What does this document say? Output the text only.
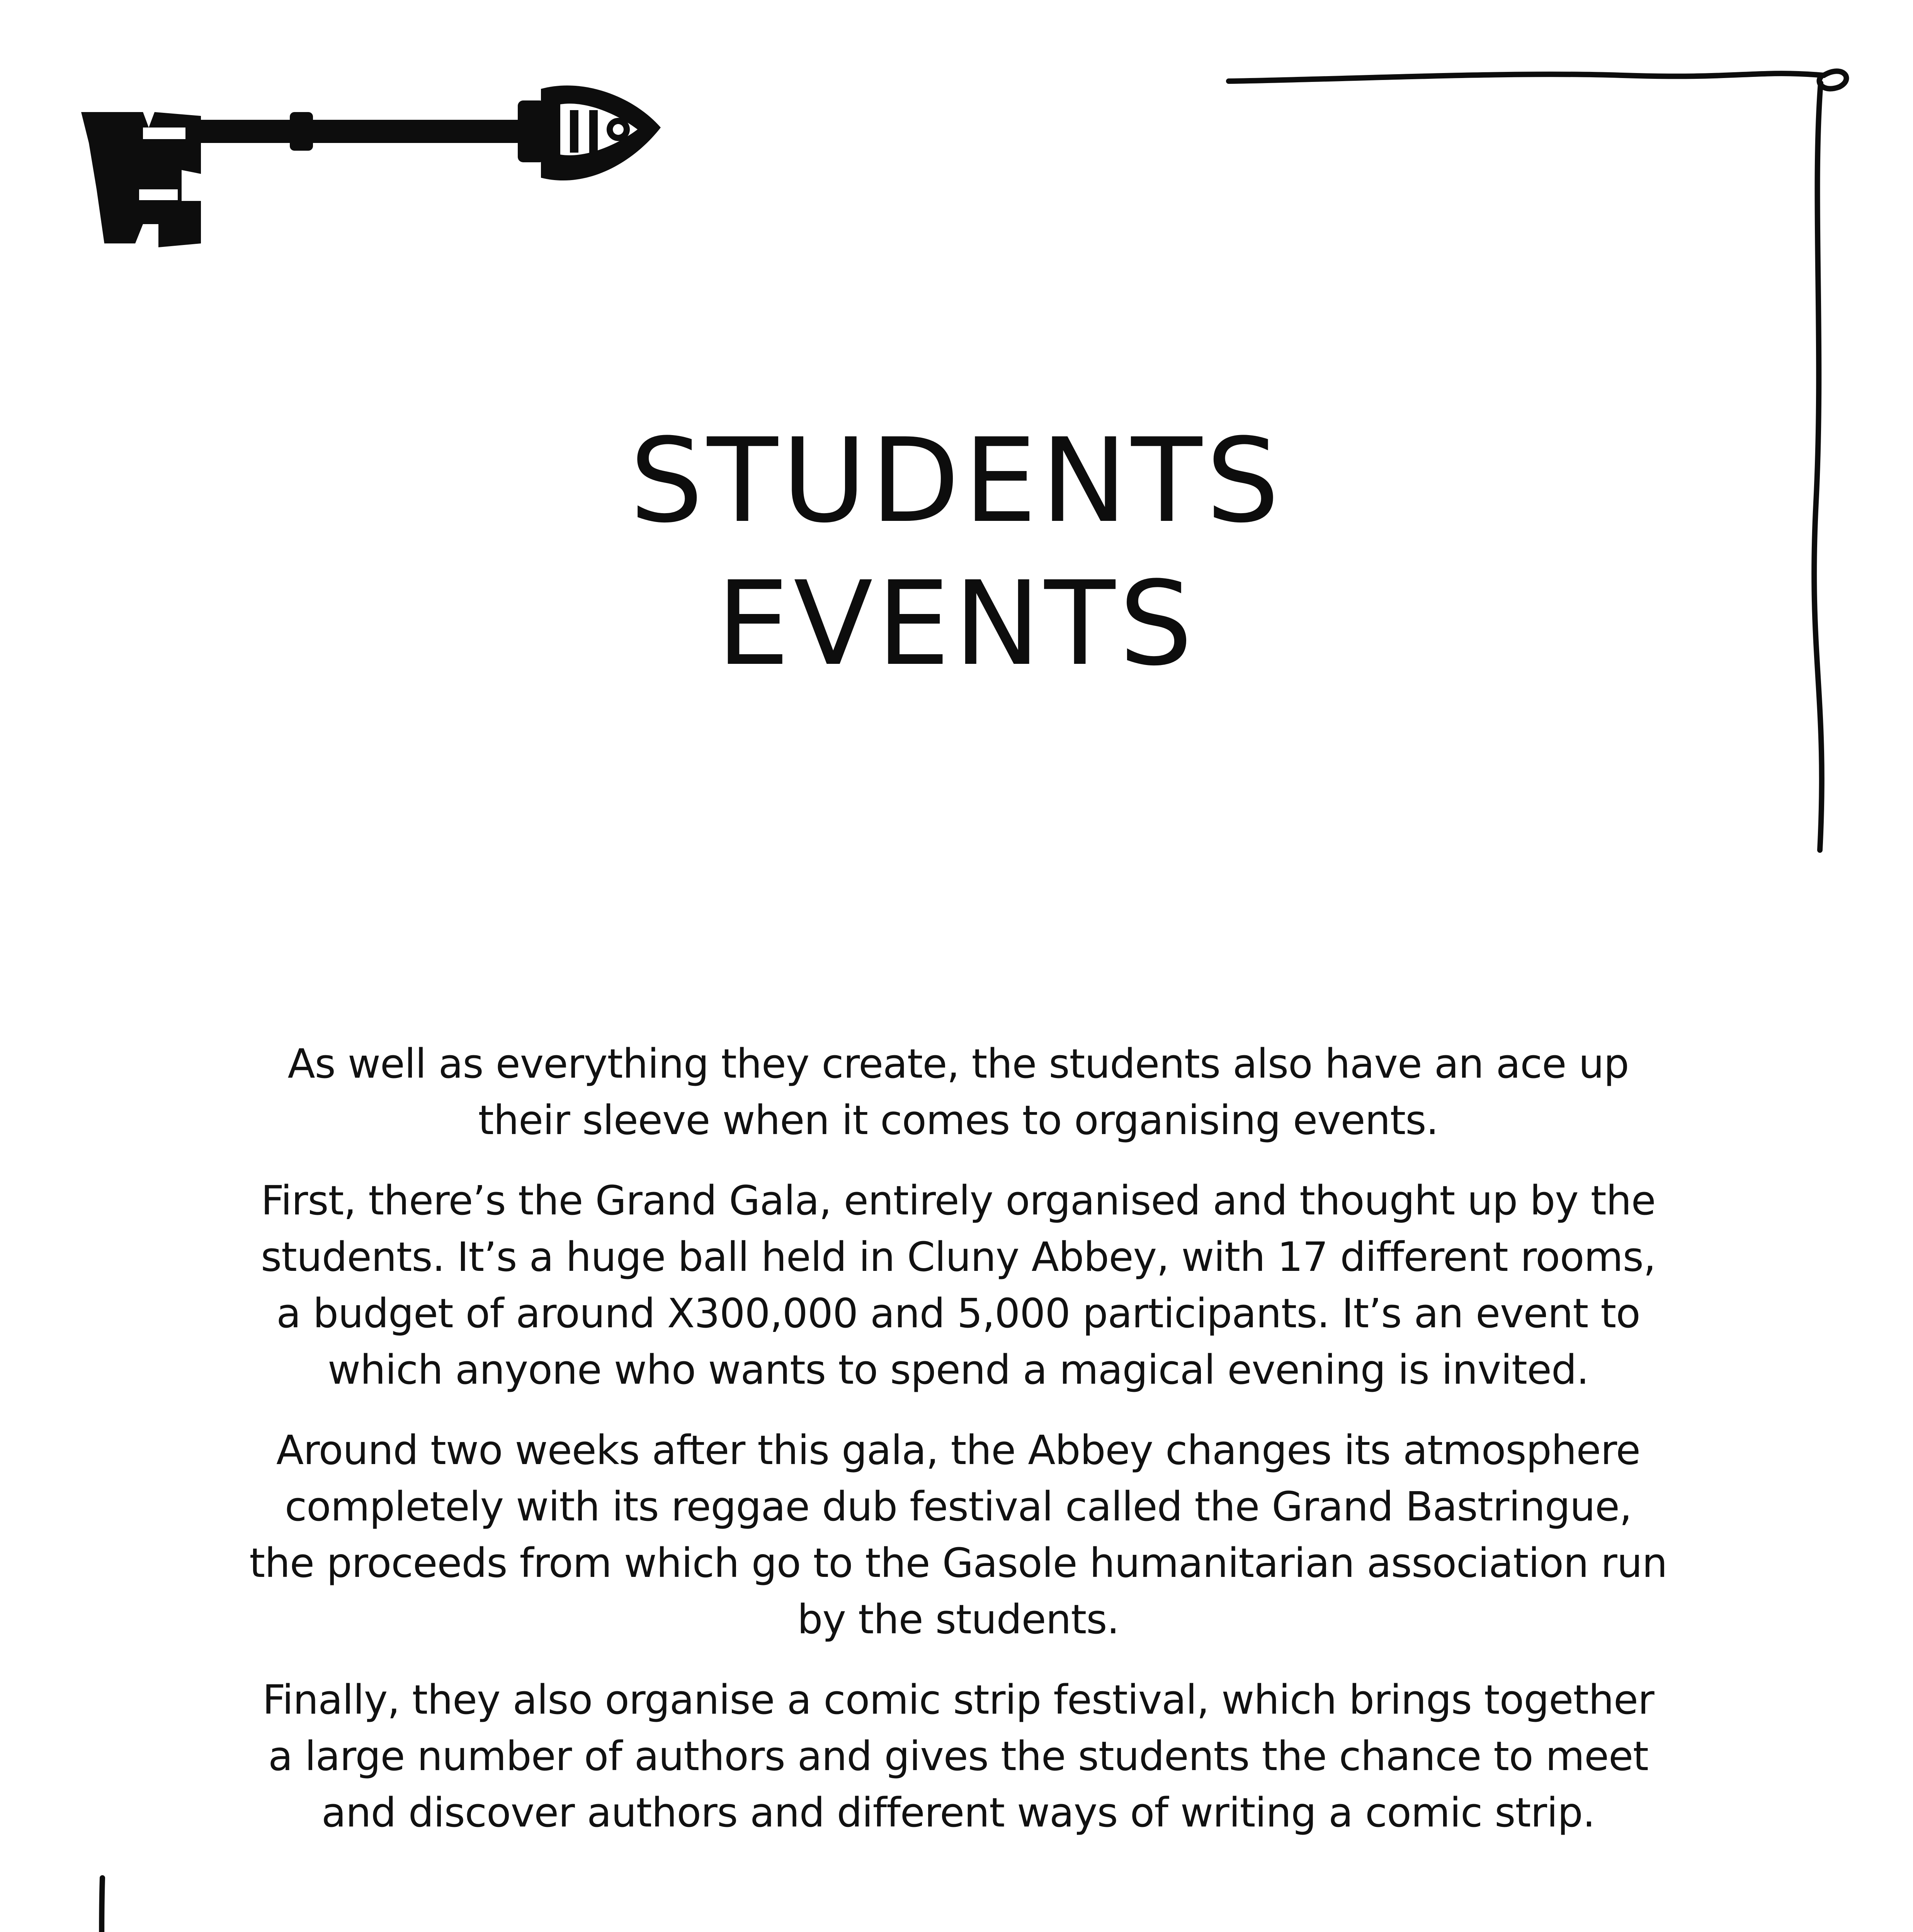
STUDENTS
EVENTS

As well as everything they create, the students also have an ace up their sleeve when it comes to organising events.

First, there’s the Grand Gala, entirely organised and thought up by the students. It’s a huge ball held in Cluny Abbey, with 17 different rooms, a budget of around X300,000 and 5,000 participants. It’s an event to which anyone who wants to spend a magical evening is invited.

Around two weeks after this gala, the Abbey changes its atmosphere completely with its reggae dub festival called the Grand Bastringue, the proceeds from which go to the Gasole humanitarian association run by the students.

Finally, they also organise a comic strip festival, which brings together a large number of authors and gives the students the chance to meet and discover authors and different ways of writing a comic strip.
